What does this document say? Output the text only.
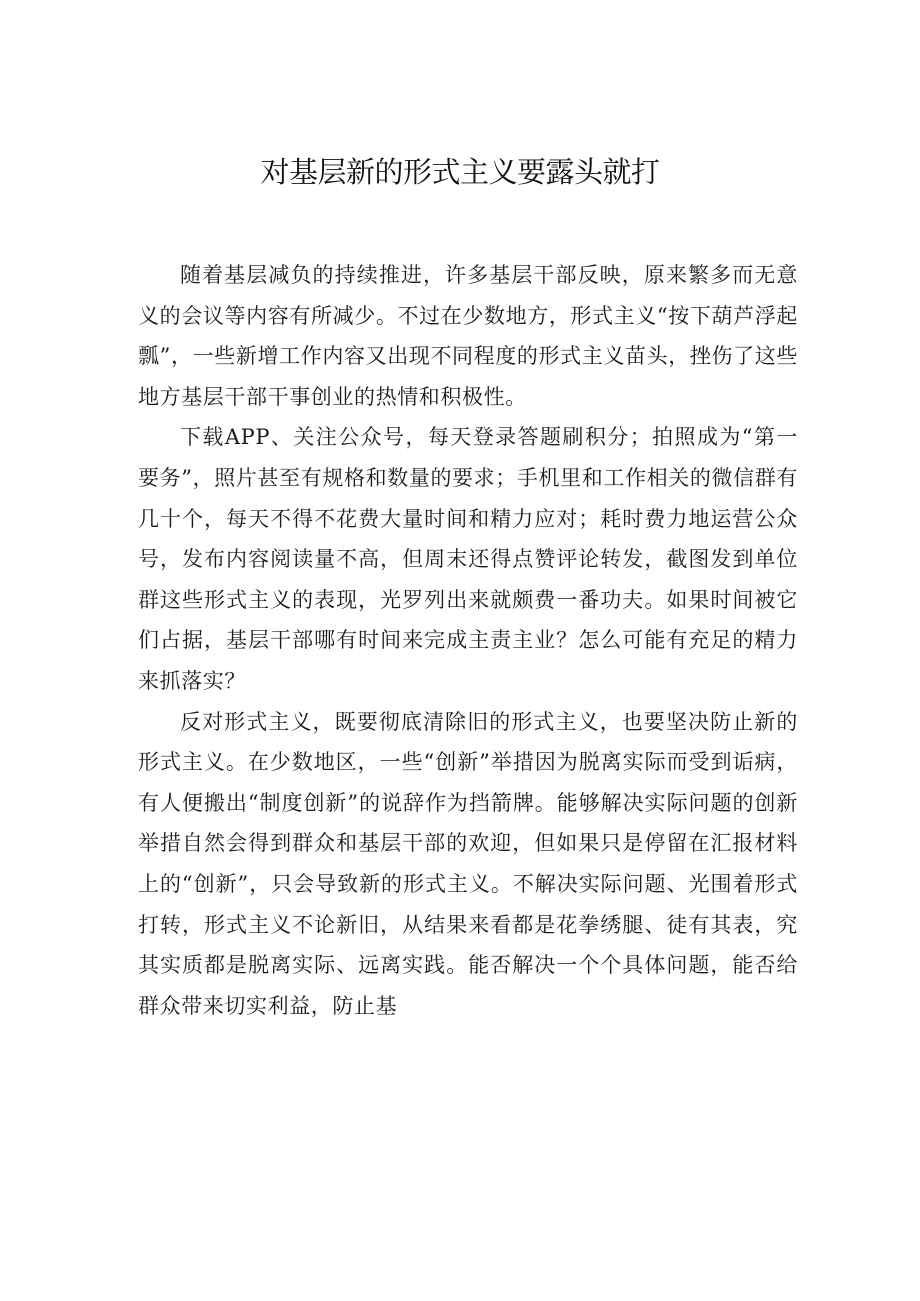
对基层新的形式主义要露头就打

随着基层减负的持续推进，许多基层干部反映，原来繁多而无意义的会议等内容有所减少。不过在少数地方，形式主义“按下葫芦浮起瓢”，一些新增工作内容又出现不同程度的形式主义苗头，挫伤了这些地方基层干部干事创业的热情和积极性。

下载APP、关注公众号，每天登录答题刷积分；拍照成为“第一要务”，照片甚至有规格和数量的要求；手机里和工作相关的微信群有几十个，每天不得不花费大量时间和精力应对；耗时费力地运营公众号，发布内容阅读量不高，但周末还得点赞评论转发，截图发到单位群这些形式主义的表现，光罗列出来就颇费一番功夫。如果时间被它们占据，基层干部哪有时间来完成主责主业？怎么可能有充足的精力来抓落实？

反对形式主义，既要彻底清除旧的形式主义，也要坚决防止新的形式主义。在少数地区，一些“创新”举措因为脱离实际而受到诟病，有人便搬出“制度创新”的说辞作为挡箭牌。能够解决实际问题的创新举措自然会得到群众和基层干部的欢迎，但如果只是停留在汇报材料上的“创新”，只会导致新的形式主义。不解决实际问题、光围着形式打转，形式主义不论新旧，从结果来看都是花拳绣腿、徒有其表，究其实质都是脱离实际、远离实践。能否解决一个个具体问题，能否给群众带来切实利益，防止基
